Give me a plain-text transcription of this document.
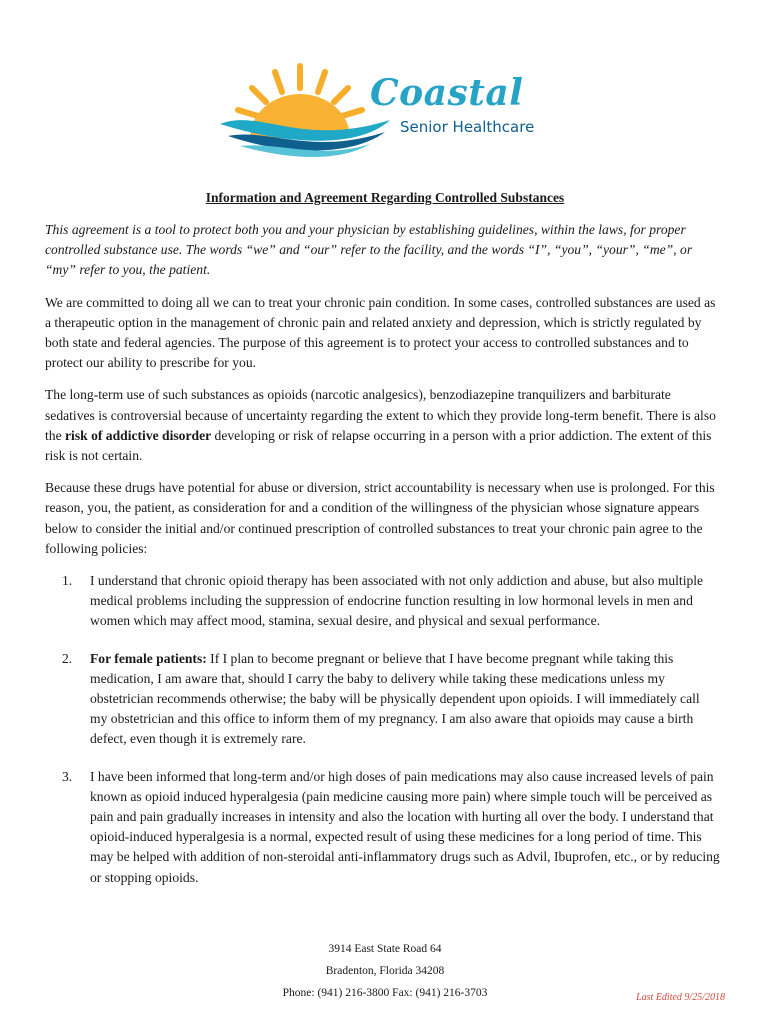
Coastal
Senior Healthcare
Information and Agreement Regarding Controlled Substances

This agreement is a tool to protect both you and your physician by establishing guidelines, within the laws, for proper controlled substance use. The words “we” and “our” refer to the facility, and the words “I”, “you”, “your”, “me”, or “my” refer to you, the patient.

We are committed to doing all we can to treat your chronic pain condition. In some cases, controlled substances are used as a therapeutic option in the management of chronic pain and related anxiety and depression, which is strictly regulated by both state and federal agencies. The purpose of this agreement is to protect your access to controlled substances and to protect our ability to prescribe for you.

The long-term use of such substances as opioids (narcotic analgesics), benzodiazepine tranquilizers and barbiturate sedatives is controversial because of uncertainty regarding the extent to which they provide long-term benefit. There is also the risk of addictive disorder developing or risk of relapse occurring in a person with a prior addiction. The extent of this risk is not certain.

Because these drugs have potential for abuse or diversion, strict accountability is necessary when use is prolonged. For this reason, you, the patient, as consideration for and a condition of the willingness of the physician whose signature appears below to consider the initial and/or continued prescription of controlled substances to treat your chronic pain agree to the following policies:

1.	I understand that chronic opioid therapy has been associated with not only addiction and abuse, but also multiple medical problems including the suppression of endocrine function resulting in low hormonal levels in men and women which may affect mood, stamina, sexual desire, and physical and sexual performance.
2.	For female patients: If I plan to become pregnant or believe that I have become pregnant while taking this medication, I am aware that, should I carry the baby to delivery while taking these medications unless my obstetrician recommends otherwise; the baby will be physically dependent upon opioids. I will immediately call my obstetrician and this office to inform them of my pregnancy. I am also aware that opioids may cause a birth defect, even though it is extremely rare.
3.	I have been informed that long-term and/or high doses of pain medications may also cause increased levels of pain known as opioid induced hyperalgesia (pain medicine causing more pain) where simple touch will be perceived as pain and pain gradually increases in intensity and also the location with hurting all over the body. I understand that opioid-induced hyperalgesia is a normal, expected result of using these medicines for a long period of time. This may be helped with addition of non-steroidal anti-inflammatory drugs such as Advil, Ibuprofen, etc., or by reducing or stopping opioids.
3914 East State Road 64
Bradenton, Florida 34208
Phone: (941) 216-3800 Fax: (941) 216-3703	Last Edited 9/25/2018
